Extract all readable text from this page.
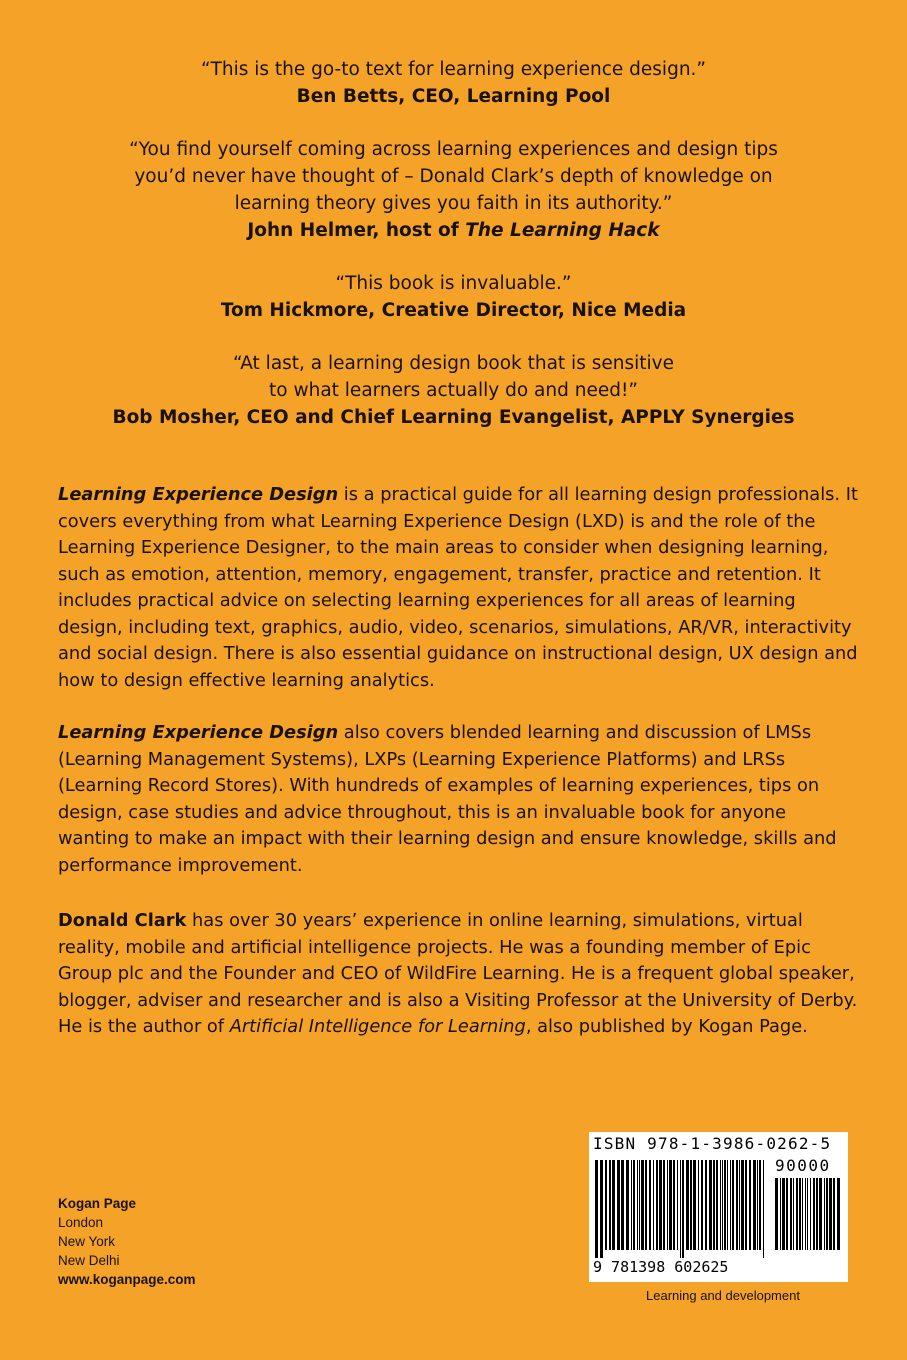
“This is the go-to text for learning experience design.”
Ben Betts, CEO, Learning Pool
“You find yourself coming across learning experiences and design tips
you’d never have thought of – Donald Clark’s depth of knowledge on
learning theory gives you faith in its authority.”
John Helmer, host of The Learning Hack
“This book is invaluable.”
Tom Hickmore, Creative Director, Nice Media
“At last, a learning design book that is sensitive
to what learners actually do and need!”
Bob Mosher, CEO and Chief Learning Evangelist, APPLY Synergies

Learning Experience Design is a practical guide for all learning design professionals. It covers everything from what Learning Experience Design (LXD) is and the role of the Learning Experience Designer, to the main areas to consider when designing learning, such as emotion, attention, memory, engagement, transfer, practice and retention. It includes practical advice on selecting learning experiences for all areas of learning design, including text, graphics, audio, video, scenarios, simulations, AR/VR, interactivity and social design. There is also essential guidance on instructional design, UX design and how to design effective learning analytics.

Learning Experience Design also covers blended learning and discussion of LMSs (Learning Management Systems), LXPs (Learning Experience Platforms) and LRSs (Learning Record Stores). With hundreds of examples of learning experiences, tips on design, case studies and advice throughout, this is an invaluable book for anyone wanting to make an impact with their learning design and ensure knowledge, skills and performance improvement.

Donald Clark has over 30 years’ experience in online learning, simulations, virtual reality, mobile and artificial intelligence projects. He was a founding member of Epic Group plc and the Founder and CEO of WildFire Learning. He is a frequent global speaker, blogger, adviser and researcher and is also a Visiting Professor at the University of Derby. He is the author of Artificial Intelligence for Learning, also published by Kogan Page.

Kogan Page
London
New York
New Delhi
www.koganpage.com
ISBN 978-1-3986-0262-5
90000
9 781398 602625
Learning and development
